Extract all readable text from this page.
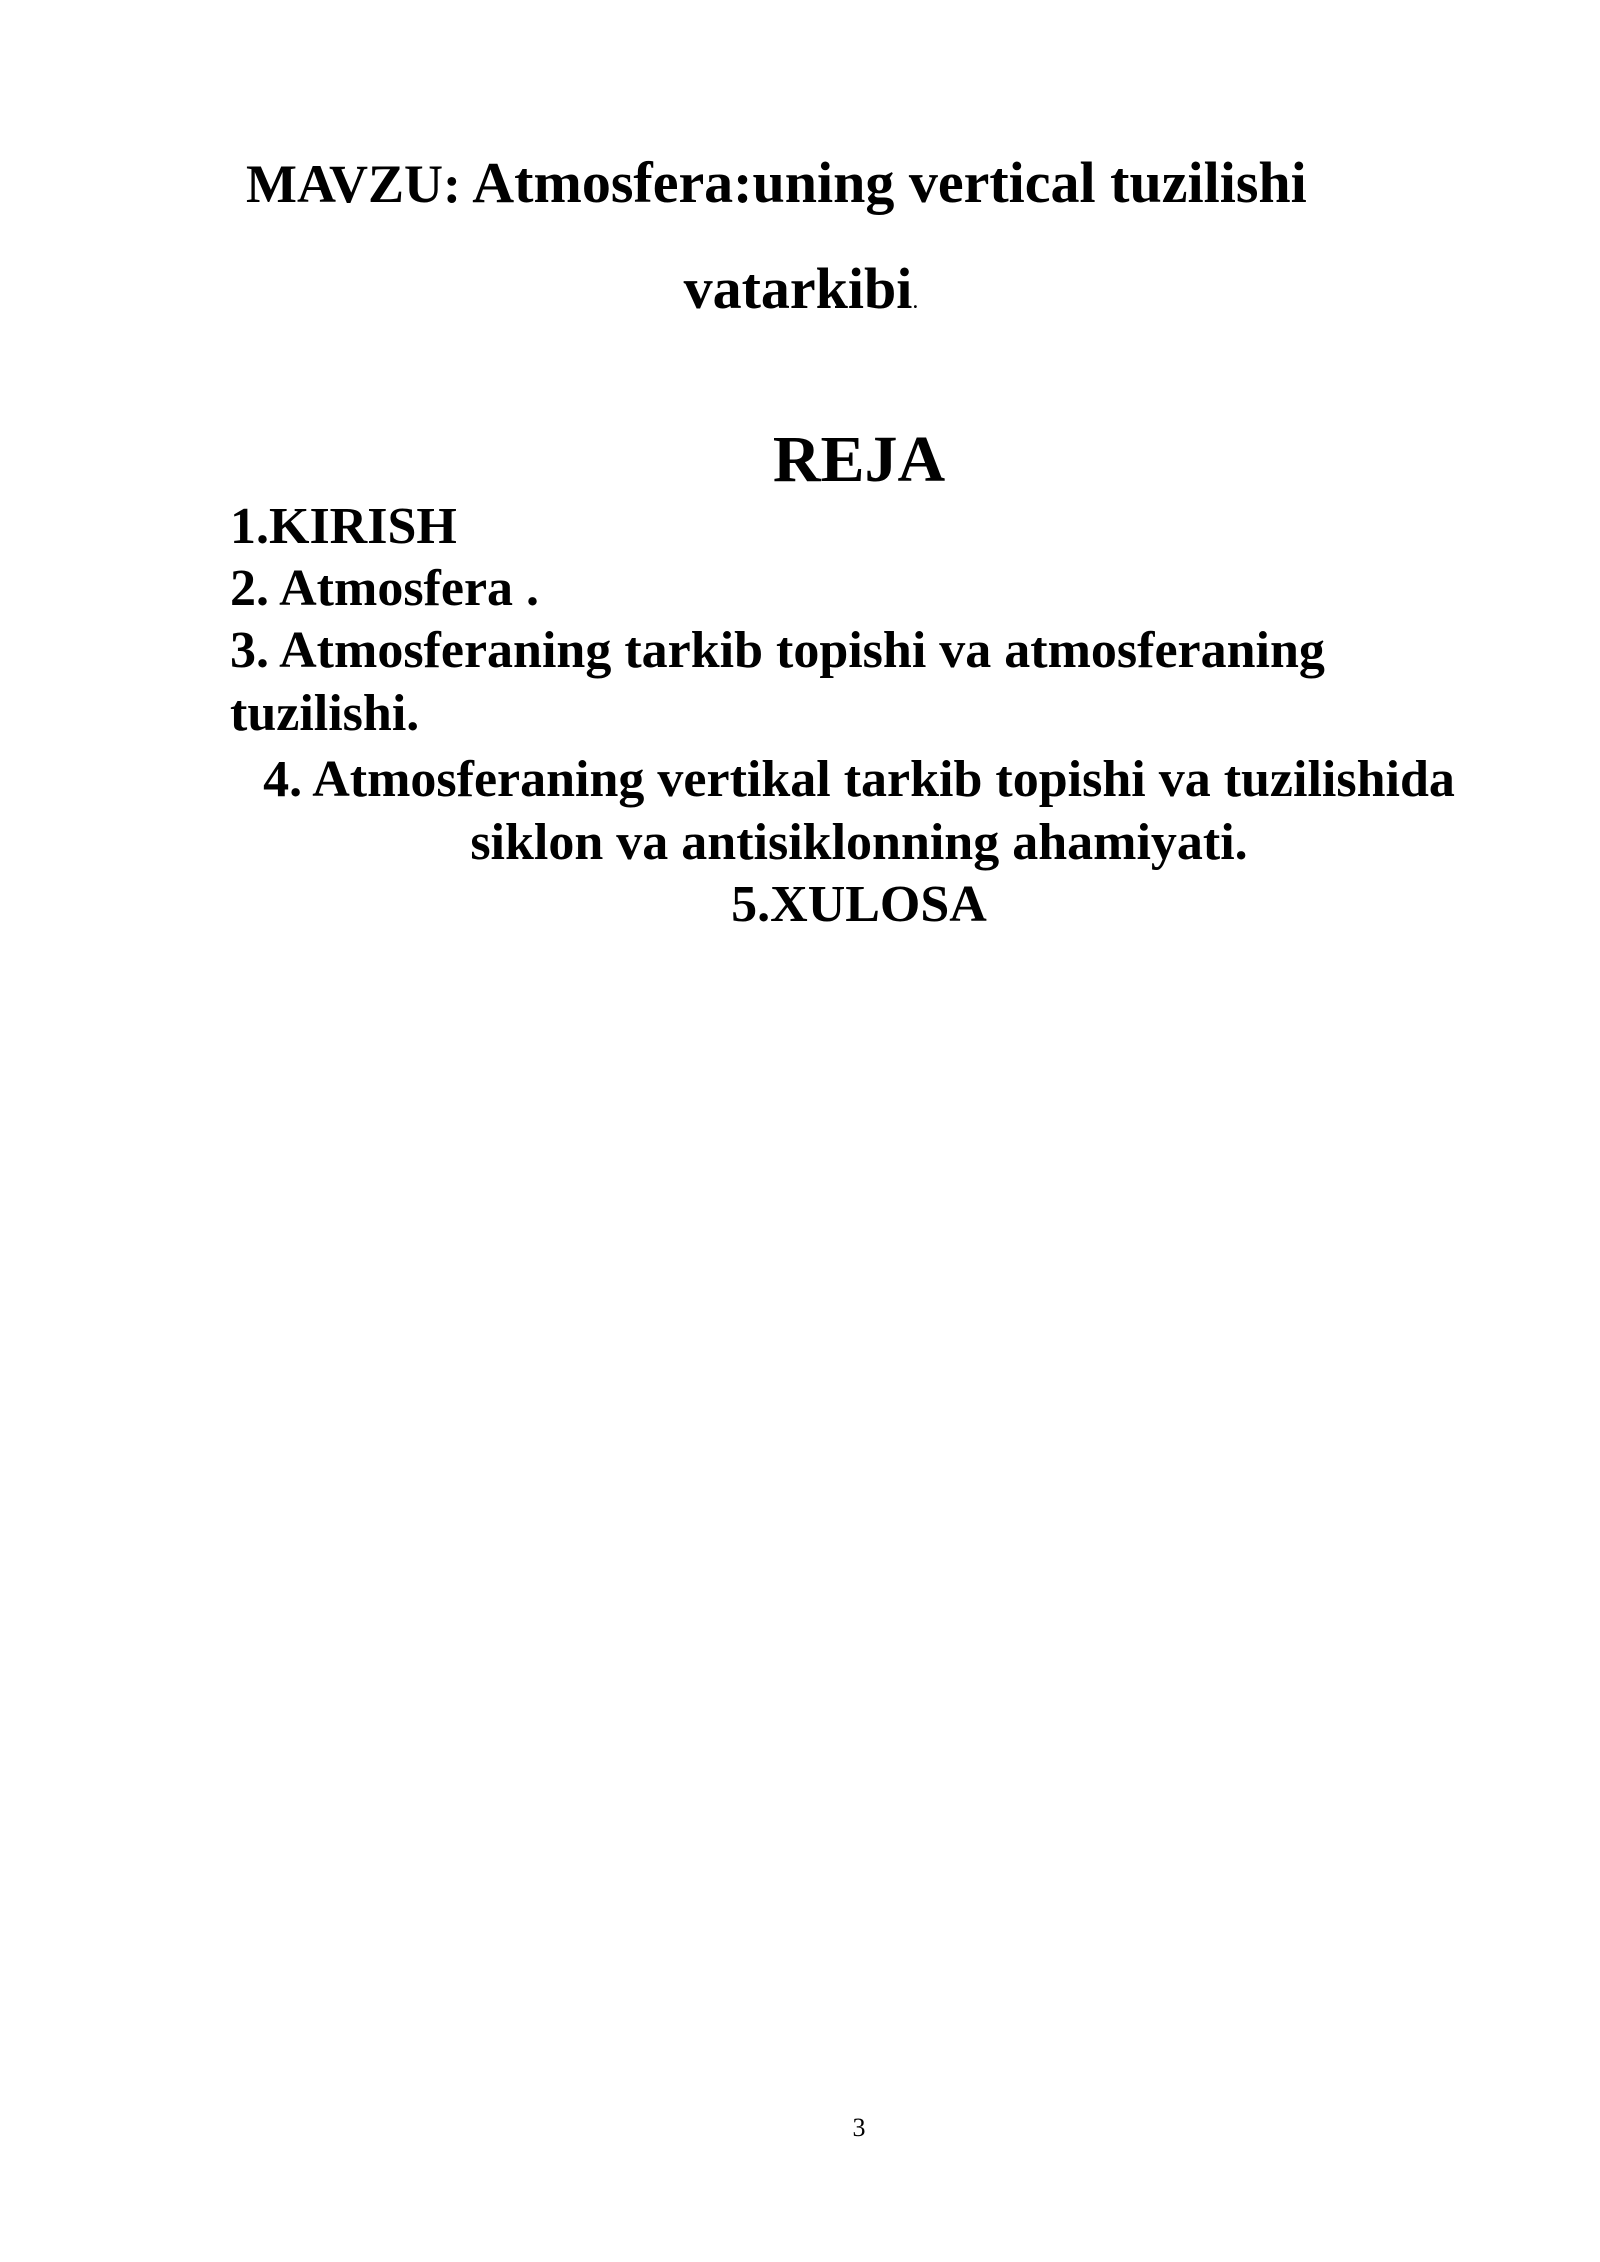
MAVZU: Atmosfera:uning vertical tuzilishi
vatarkibi.
REJA
1.KIRISH
2. Atmosfera .
3. Atmosferaning tarkib topishi va atmosferaning
tuzilishi.
4. Atmosferaning vertikal tarkib topishi va tuzilishida
siklon va antisiklonning ahamiyati.
5.XULOSA
3
